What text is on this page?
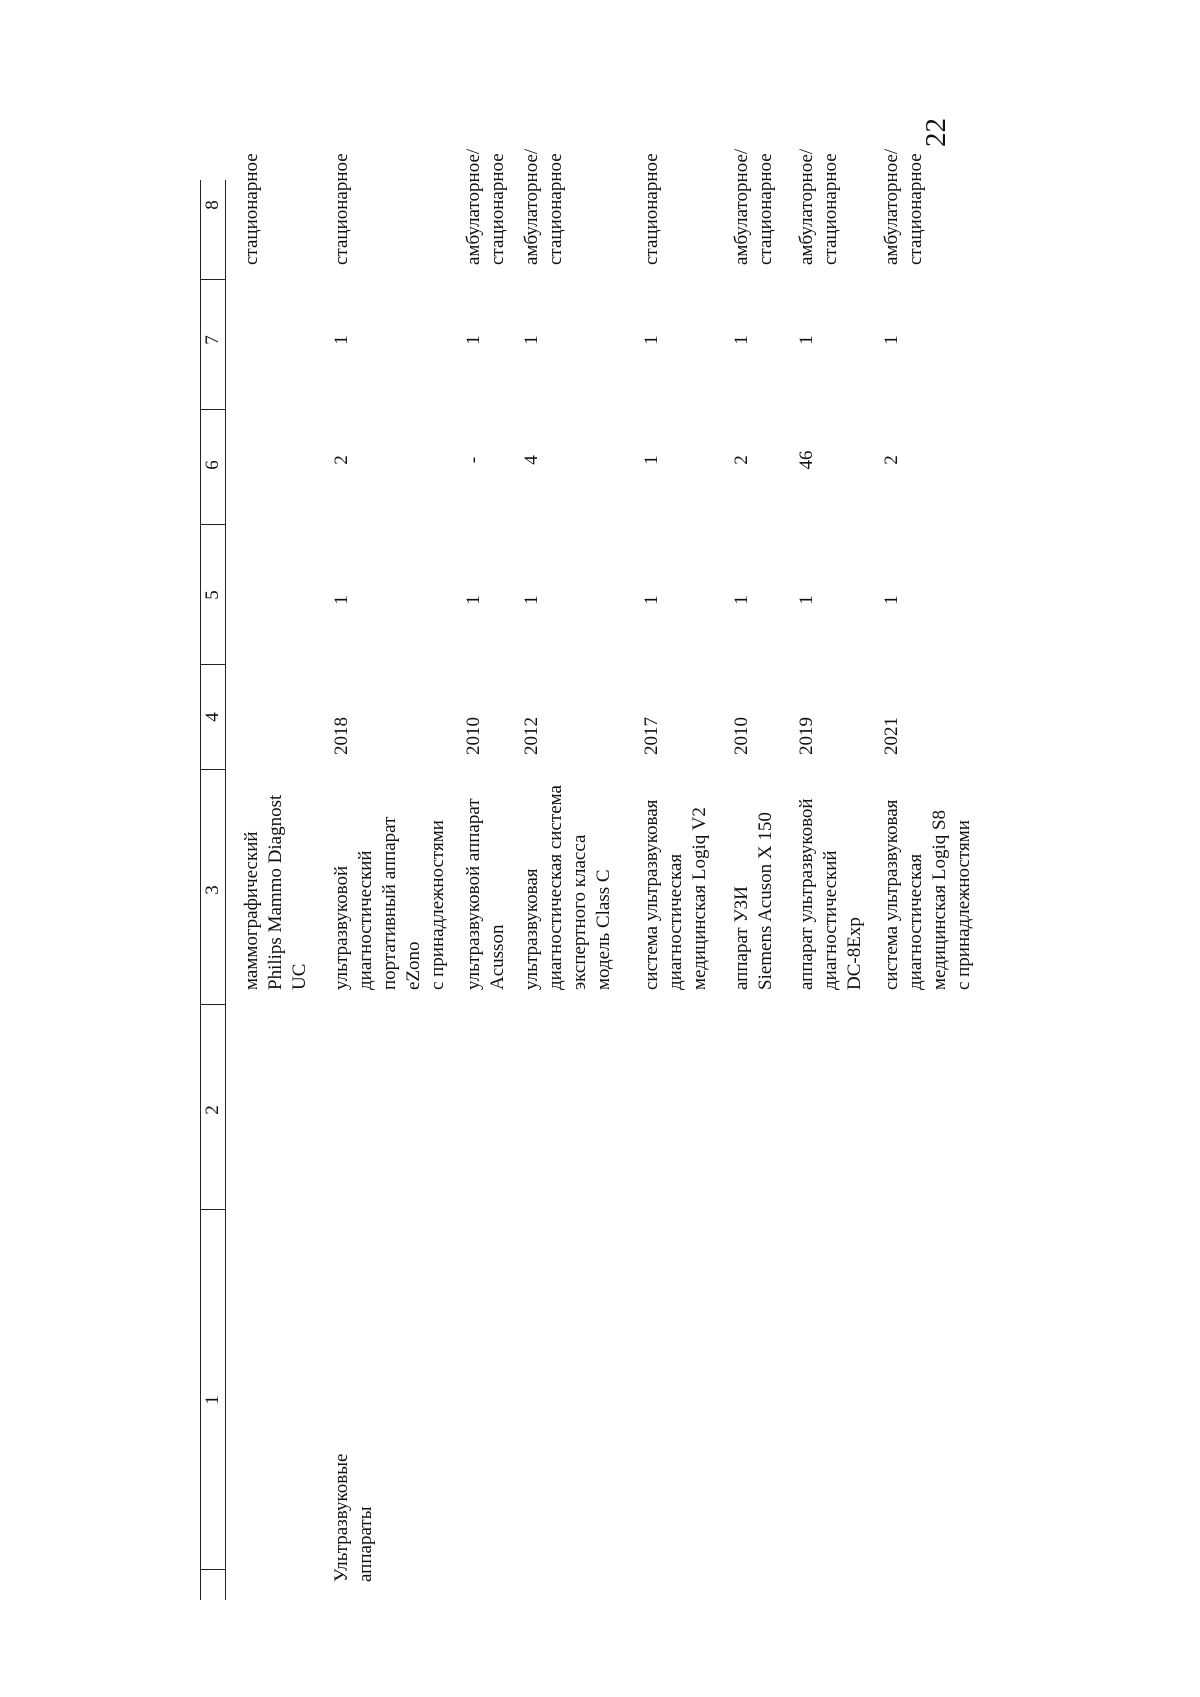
22
1
2
3
4
5
6
7
8
Ультразвуковые аппараты
маммографический Philips Mammo Diagnost UC
стационарное
ультразвуковой диагностический портативный аппарат eZono с принадлежностями
2018
1
2
1
стационарное
ультразвуковой аппарат Acusson
2010
1
-
1
амбулаторное/ стационарное
ультразвуковая диагностическая система экспертного класса модель Class C
2012
1
4
1
амбулаторное/ стационарное
система ультразвуковая диагностическая медицинская Logiq V2
2017
1
1
1
стационарное
аппарат УЗИ Siemens Acuson X 150
2010
1
2
1
амбулаторное/ стационарное
аппарат ультразвуковой диагностический DC-8Exp
2019
1
46
1
амбулаторное/ стационарное
система ультразвуковая диагностическая медицинская Logiq S8 с принадлежностями
2021
1
2
1
амбулаторное/ стационарное
